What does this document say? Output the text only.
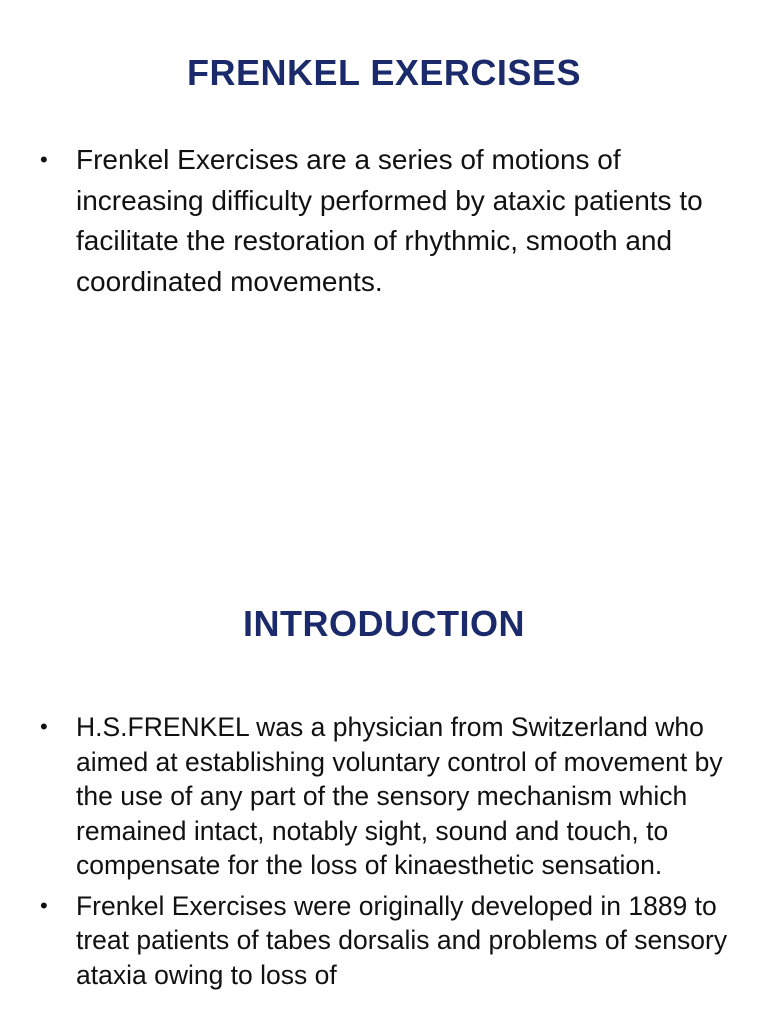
FRENKEL EXERCISES
• Frenkel Exercises are a series of motions of increasing difficulty performed by ataxic patients to facilitate the restoration of rhythmic, smooth and coordinated movements.
INTRODUCTION
• H.S.FRENKEL was a physician from Switzerland who aimed at establishing voluntary control of movement by the use of any part of the sensory mechanism which remained intact, notably sight, sound and touch, to compensate for the loss of kinaesthetic sensation.
• Frenkel Exercises were originally developed in 1889 to treat patients of tabes dorsalis and problems of sensory ataxia owing to loss of
